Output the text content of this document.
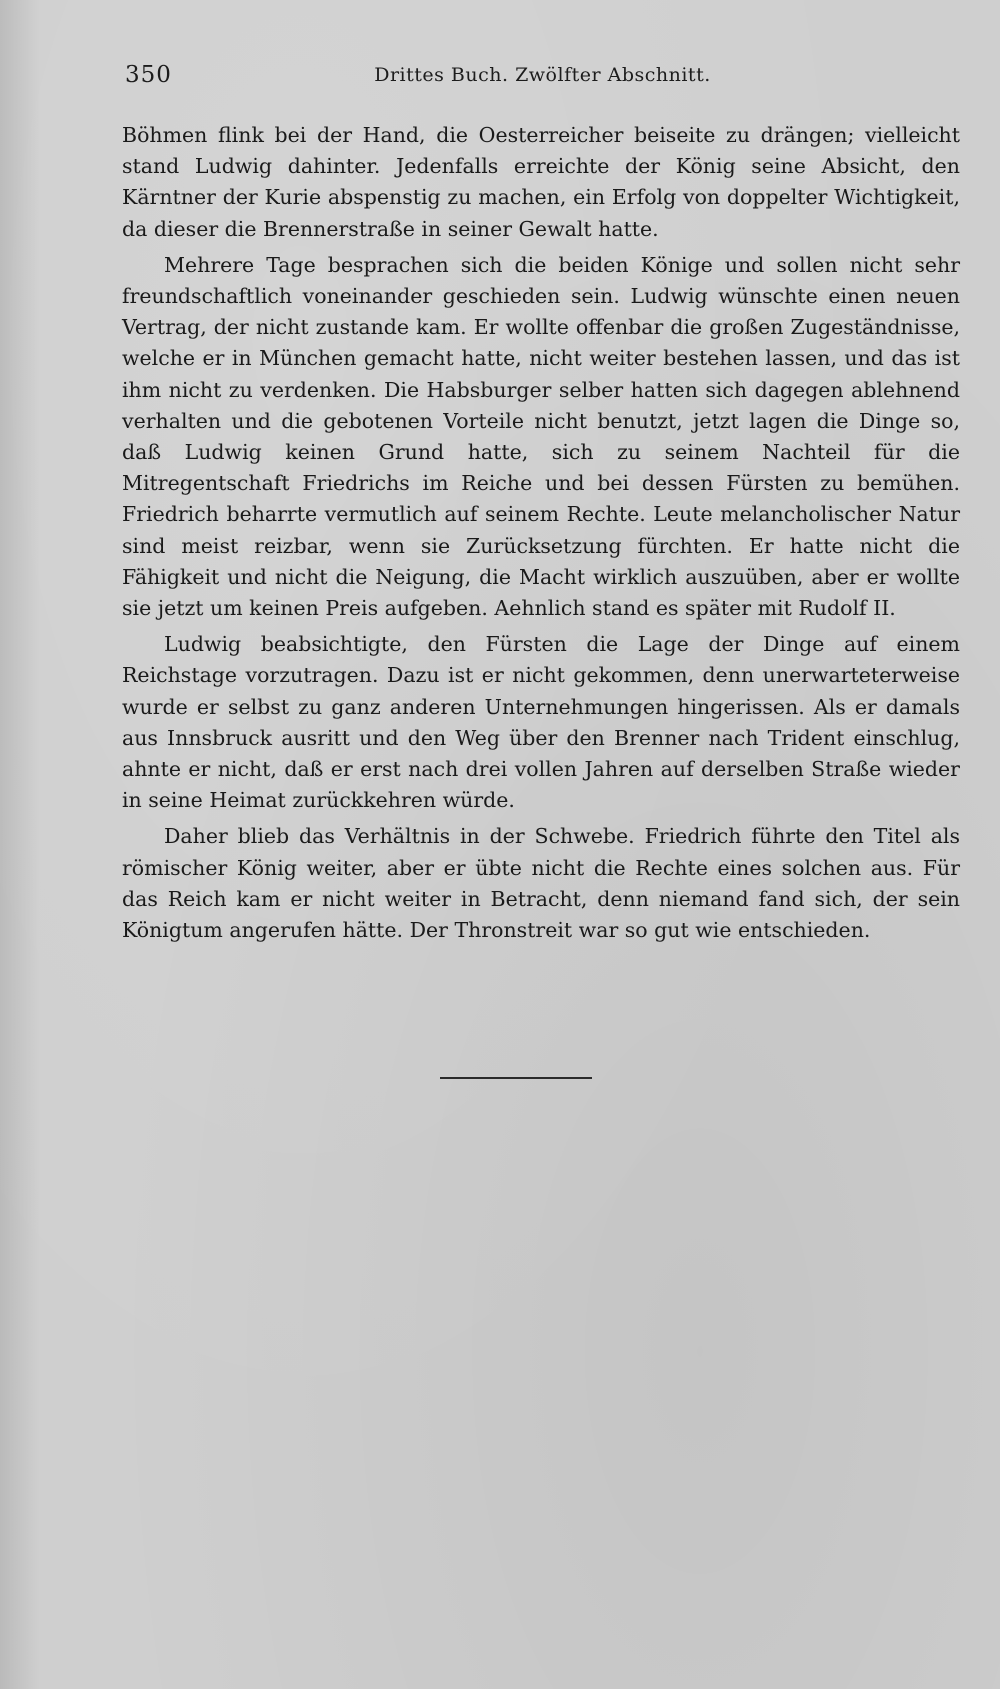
350	Drittes Buch. Zwölfter Abschnitt.

Böhmen flink bei der Hand, die Oesterreicher beiseite zu drängen; vielleicht stand Ludwig dahinter. Jedenfalls erreichte der König seine Absicht, den Kärntner der Kurie abspenstig zu machen, ein Erfolg von doppelter Wichtigkeit, da dieser die Brennerstraße in seiner Gewalt hatte.

Mehrere Tage besprachen sich die beiden Könige und sollen nicht sehr freundschaftlich voneinander geschieden sein. Ludwig wünschte einen neuen Vertrag, der nicht zustande kam. Er wollte offenbar die großen Zugeständnisse, welche er in München gemacht hatte, nicht weiter bestehen lassen, und das ist ihm nicht zu verdenken. Die Habsburger selber hatten sich dagegen ablehnend verhalten und die gebotenen Vorteile nicht benutzt, jetzt lagen die Dinge so, daß Ludwig keinen Grund hatte, sich zu seinem Nachteil für die Mitregentschaft Friedrichs im Reiche und bei dessen Fürsten zu bemühen. Friedrich beharrte vermutlich auf seinem Rechte. Leute melancholischer Natur sind meist reizbar, wenn sie Zurücksetzung fürchten. Er hatte nicht die Fähigkeit und nicht die Neigung, die Macht wirklich auszuüben, aber er wollte sie jetzt um keinen Preis aufgeben. Aehnlich stand es später mit Rudolf II.

Ludwig beabsichtigte, den Fürsten die Lage der Dinge auf einem Reichstage vorzutragen. Dazu ist er nicht gekommen, denn unerwarteterweise wurde er selbst zu ganz anderen Unternehmungen hingerissen. Als er damals aus Innsbruck ausritt und den Weg über den Brenner nach Trident einschlug, ahnte er nicht, daß er erst nach drei vollen Jahren auf derselben Straße wieder in seine Heimat zurückkehren würde.

Daher blieb das Verhältnis in der Schwebe. Friedrich führte den Titel als römischer König weiter, aber er übte nicht die Rechte eines solchen aus. Für das Reich kam er nicht weiter in Betracht, denn niemand fand sich, der sein Königtum angerufen hätte. Der Thronstreit war so gut wie entschieden.
